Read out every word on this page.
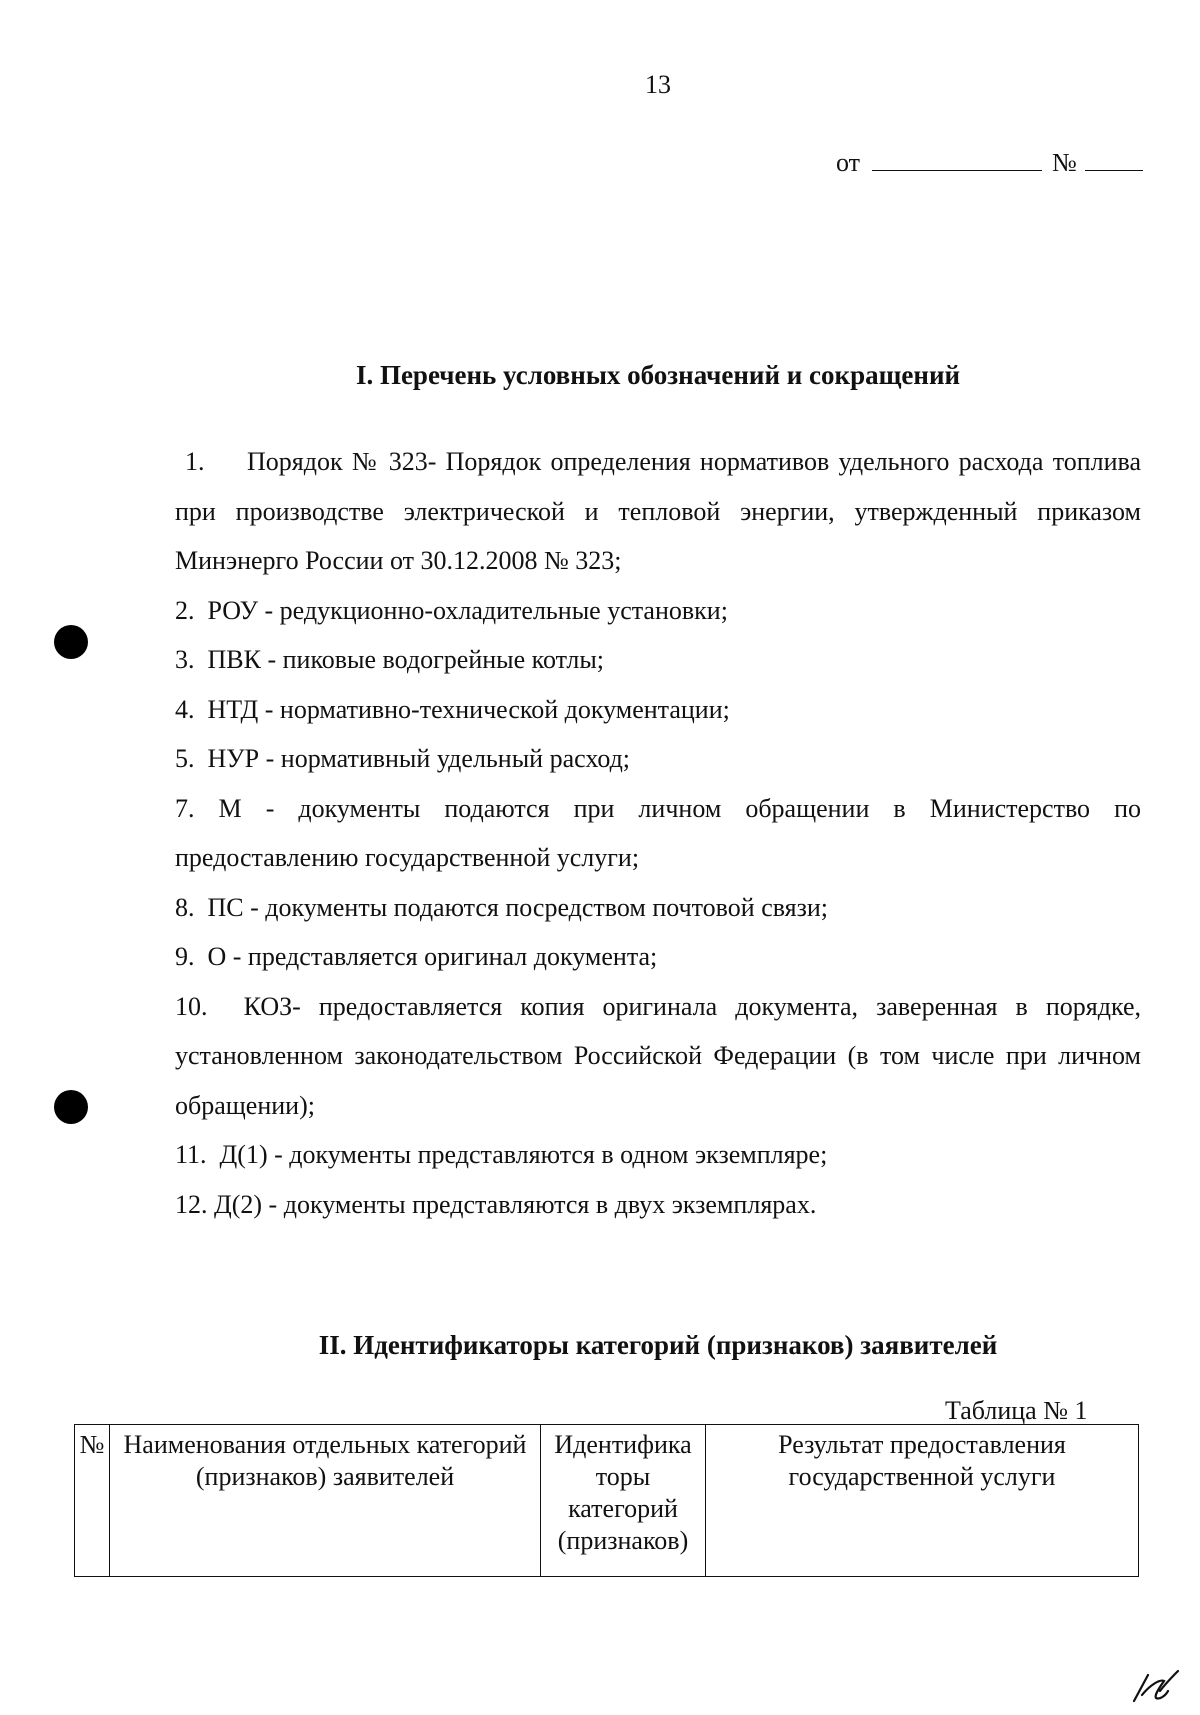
13
от	№
I. Перечень условных обозначений и сокращений
1. Порядок № 323- Порядок определения нормативов удельного расхода топлива при производстве электрической и тепловой энергии, утвержденный приказом Минэнерго России от 30.12.2008 № 323;
2. РОУ - редукционно-охладительные установки;
3. ПВК - пиковые водогрейные котлы;
4. НТД - нормативно-технической документации;
5. НУР - нормативный удельный расход;
7. М - документы подаются при личном обращении в Министерство по предоставлению государственной услуги;
8. ПС - документы подаются посредством почтовой связи;
9. О - представляется оригинал документа;
10. КОЗ- предоставляется копия оригинала документа, заверенная в порядке, установленном законодательством Российской Федерации (в том числе при личном обращении);
11. Д(1) - документы представляются в одном экземпляре;
12. Д(2) - документы представляются в двух экземплярах.
II. Идентификаторы категорий (признаков) заявителей
Таблица № 1
№	Наименования отдельных категорий (признаков) заявителей	Идентифика торы категорий (признаков)	Результат предоставления государственной услуги
